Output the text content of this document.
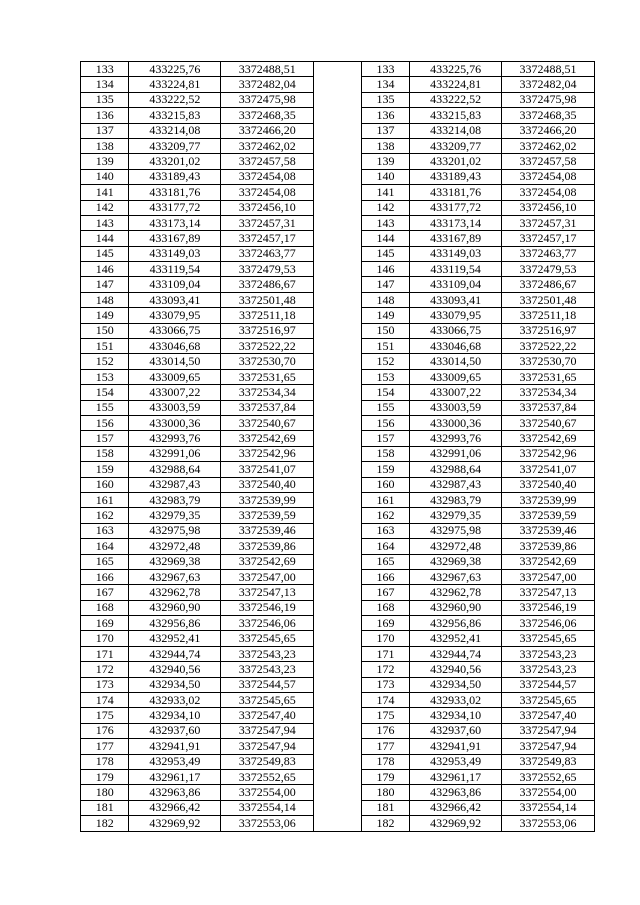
133	433225,76	3372488,51		133	433225,76	3372488,51
134	433224,81	3372482,04		134	433224,81	3372482,04
135	433222,52	3372475,98		135	433222,52	3372475,98
136	433215,83	3372468,35		136	433215,83	3372468,35
137	433214,08	3372466,20		137	433214,08	3372466,20
138	433209,77	3372462,02		138	433209,77	3372462,02
139	433201,02	3372457,58		139	433201,02	3372457,58
140	433189,43	3372454,08		140	433189,43	3372454,08
141	433181,76	3372454,08		141	433181,76	3372454,08
142	433177,72	3372456,10		142	433177,72	3372456,10
143	433173,14	3372457,31		143	433173,14	3372457,31
144	433167,89	3372457,17		144	433167,89	3372457,17
145	433149,03	3372463,77		145	433149,03	3372463,77
146	433119,54	3372479,53		146	433119,54	3372479,53
147	433109,04	3372486,67		147	433109,04	3372486,67
148	433093,41	3372501,48		148	433093,41	3372501,48
149	433079,95	3372511,18		149	433079,95	3372511,18
150	433066,75	3372516,97		150	433066,75	3372516,97
151	433046,68	3372522,22		151	433046,68	3372522,22
152	433014,50	3372530,70		152	433014,50	3372530,70
153	433009,65	3372531,65		153	433009,65	3372531,65
154	433007,22	3372534,34		154	433007,22	3372534,34
155	433003,59	3372537,84		155	433003,59	3372537,84
156	433000,36	3372540,67		156	433000,36	3372540,67
157	432993,76	3372542,69		157	432993,76	3372542,69
158	432991,06	3372542,96		158	432991,06	3372542,96
159	432988,64	3372541,07		159	432988,64	3372541,07
160	432987,43	3372540,40		160	432987,43	3372540,40
161	432983,79	3372539,99		161	432983,79	3372539,99
162	432979,35	3372539,59		162	432979,35	3372539,59
163	432975,98	3372539,46		163	432975,98	3372539,46
164	432972,48	3372539,86		164	432972,48	3372539,86
165	432969,38	3372542,69		165	432969,38	3372542,69
166	432967,63	3372547,00		166	432967,63	3372547,00
167	432962,78	3372547,13		167	432962,78	3372547,13
168	432960,90	3372546,19		168	432960,90	3372546,19
169	432956,86	3372546,06		169	432956,86	3372546,06
170	432952,41	3372545,65		170	432952,41	3372545,65
171	432944,74	3372543,23		171	432944,74	3372543,23
172	432940,56	3372543,23		172	432940,56	3372543,23
173	432934,50	3372544,57		173	432934,50	3372544,57
174	432933,02	3372545,65		174	432933,02	3372545,65
175	432934,10	3372547,40		175	432934,10	3372547,40
176	432937,60	3372547,94		176	432937,60	3372547,94
177	432941,91	3372547,94		177	432941,91	3372547,94
178	432953,49	3372549,83		178	432953,49	3372549,83
179	432961,17	3372552,65		179	432961,17	3372552,65
180	432963,86	3372554,00		180	432963,86	3372554,00
181	432966,42	3372554,14		181	432966,42	3372554,14
182	432969,92	3372553,06		182	432969,92	3372553,06
